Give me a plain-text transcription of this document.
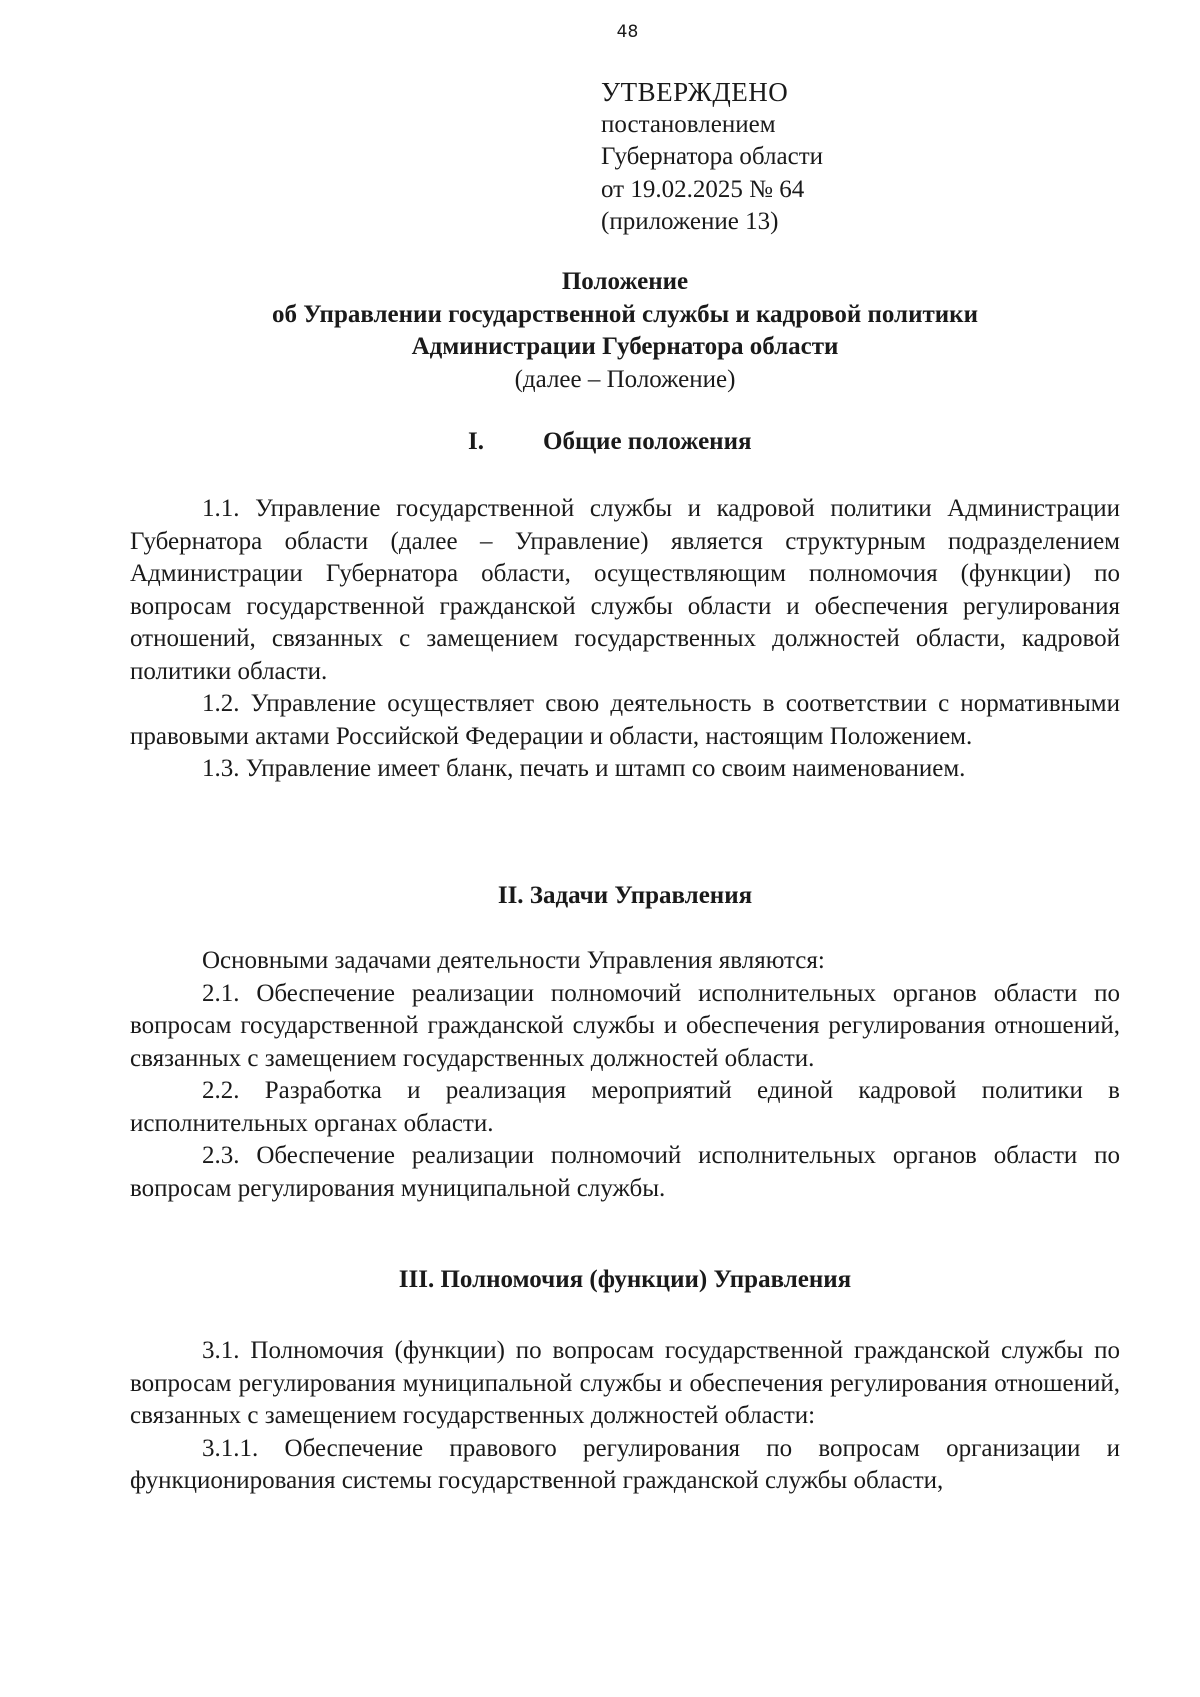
48
УТВЕРЖДЕНО
постановлением
Губернатора области
от 19.02.2025 № 64
(приложение 13)
Положение
об Управлении государственной службы и кадровой политики
Администрации Губернатора области
(далее – Положение)
I. Общие положения

1.1. Управление государственной службы и кадровой политики Администрации Губернатора области (далее – Управление) является структурным подразделением Администрации Губернатора области, осуществляющим полномочия (функции) по вопросам государственной гражданской службы области и обеспечения регулирования отношений, связанных с замещением государственных должностей области, кадровой политики области.

1.2. Управление осуществляет свою деятельность в соответствии с нормативными правовыми актами Российской Федерации и области, настоящим Положением.

1.3. Управление имеет бланк, печать и штамп со своим наименованием.

II. Задачи Управления

Основными задачами деятельности Управления являются:

2.1. Обеспечение реализации полномочий исполнительных органов области по вопросам государственной гражданской службы и обеспечения регулирования отношений, связанных с замещением государственных должностей области.

2.2. Разработка и реализация мероприятий единой кадровой политики в исполнительных органах области.

2.3. Обеспечение реализации полномочий исполнительных органов области по вопросам регулирования муниципальной службы.

III. Полномочия (функции) Управления

3.1. Полномочия (функции) по вопросам государственной гражданской службы по вопросам регулирования муниципальной службы и обеспечения регулирования отношений, связанных с замещением государственных должностей области:

3.1.1. Обеспечение правового регулирования по вопросам организации и функционирования системы государственной гражданской службы области,
